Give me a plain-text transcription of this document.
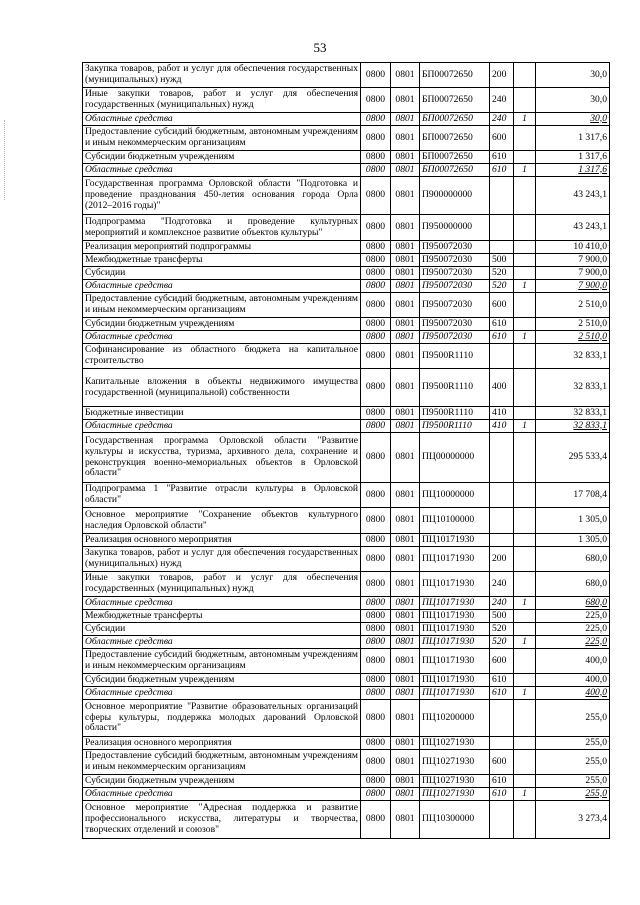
53
Закупка товаров, работ и услуг для обеспечения государственных (муниципальных) нужд	0800	0801	БП00072650	200		30,0
Иные закупки товаров, работ и услуг для обеспечения государственных (муниципальных) нужд	0800	0801	БП00072650	240		30,0
Областные средства	0800	0801	БП00072650	240	1	30,0
Предоставление субсидий бюджетным, автономным учреждениям и иным некоммерческим организациям	0800	0801	БП00072650	600		1 317,6
Субсидии бюджетным учреждениям	0800	0801	БП00072650	610		1 317,6
Областные средства	0800	0801	БП00072650	610	1	1 317,6
Государственная программа Орловской области "Подготовка и проведение празднования 450-летия основания города Орла (2012–2016 годы)"	0800	0801	П900000000			43 243,1
Подпрограмма "Подготовка и проведение культурных мероприятий и комплексное развитие объектов культуры"	0800	0801	П950000000			43 243,1
Реализация мероприятий подпрограммы	0800	0801	П950072030			10 410,0
Межбюджетные трансферты	0800	0801	П950072030	500		7 900,0
Субсидии	0800	0801	П950072030	520		7 900,0
Областные средства	0800	0801	П950072030	520	1	7 900,0
Предоставление субсидий бюджетным, автономным учреждениям и иным некоммерческим организациям	0800	0801	П950072030	600		2 510,0
Субсидии бюджетным учреждениям	0800	0801	П950072030	610		2 510,0
Областные средства	0800	0801	П950072030	610	1	2 510,0
Софинансирование из областного бюджета на капитальное строительство	0800	0801	П9500R1110			32 833,1
Капитальные вложения в объекты недвижимого имущества государственной (муниципальной) собственности	0800	0801	П9500R1110	400		32 833,1
Бюджетные инвестиции	0800	0801	П9500R1110	410		32 833,1
Областные средства	0800	0801	П9500R1110	410	1	32 833,1
Государственная программа Орловской области "Развитие культуры и искусства, туризма, архивного дела, сохранение и реконструкция военно-мемориальных объектов в Орловской области"	0800	0801	ПЦ00000000			295 533,4
Подпрограмма 1 "Развитие отрасли культуры в Орловской области"	0800	0801	ПЦ10000000			17 708,4
Основное мероприятие "Сохранение объектов культурного наследия Орловской области"	0800	0801	ПЦ10100000			1 305,0
Реализация основного мероприятия	0800	0801	ПЦ10171930			1 305,0
Закупка товаров, работ и услуг для обеспечения государственных (муниципальных) нужд	0800	0801	ПЦ10171930	200		680,0
Иные закупки товаров, работ и услуг для обеспечения государственных (муниципальных) нужд	0800	0801	ПЦ10171930	240		680,0
Областные средства	0800	0801	ПЦ10171930	240	1	680,0
Межбюджетные трансферты	0800	0801	ПЦ10171930	500		225,0
Субсидии	0800	0801	ПЦ10171930	520		225,0
Областные средства	0800	0801	ПЦ10171930	520	1	225,0
Предоставление субсидий бюджетным, автономным учреждениям и иным некоммерческим организациям	0800	0801	ПЦ10171930	600		400,0
Субсидии бюджетным учреждениям	0800	0801	ПЦ10171930	610		400,0
Областные средства	0800	0801	ПЦ10171930	610	1	400,0
Основное мероприятие "Развитие образовательных организаций сферы культуры, поддержка молодых дарований Орловской области"	0800	0801	ПЦ10200000			255,0
Реализация основного мероприятия	0800	0801	ПЦ10271930			255,0
Предоставление субсидий бюджетным, автономным учреждениям и иным некоммерческим организациям	0800	0801	ПЦ10271930	600		255,0
Субсидии бюджетным учреждениям	0800	0801	ПЦ10271930	610		255,0
Областные средства	0800	0801	ПЦ10271930	610	1	255,0
Основное мероприятие "Адресная поддержка и развитие профессионального искусства, литературы и творчества, творческих отделений и союзов"	0800	0801	ПЦ10300000			3 273,4
